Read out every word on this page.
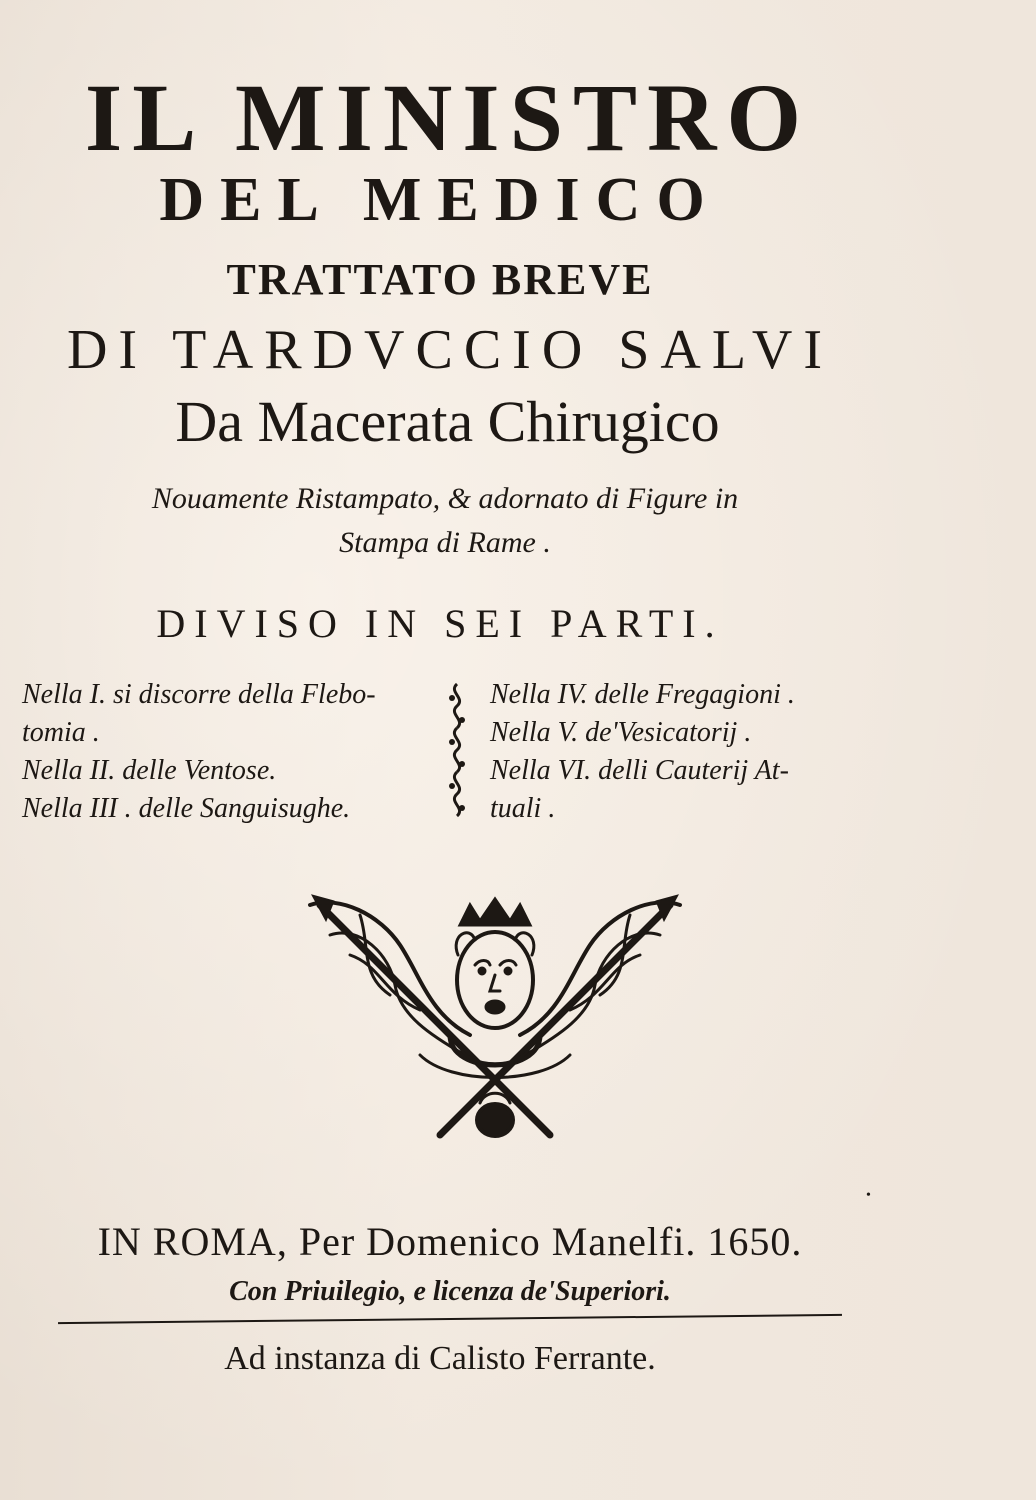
IL MINISTRO
DEL MEDICO
TRATTATO BREVE
DI TARDVCCIO SALVI
Da Macerata Chirugico
Nouamente Ristampato, & adornato di Figure in
Stampa di Rame .
DIVISO IN SEI PARTI.
Nella I. si discorre della Flebo-
tomia .
Nella II. delle Ventose.
Nella III . delle Sanguisughe.
Nella IV. delle Fregagioni .
Nella V. de'Vesicatorij .
Nella VI. delli Cauterij At-
tuali .
IN ROMA, Per Domenico Manelfi. 1650.
•
Con Priuilegio, e licenza de'Superiori.
Ad instanza di Calisto Ferrante.
